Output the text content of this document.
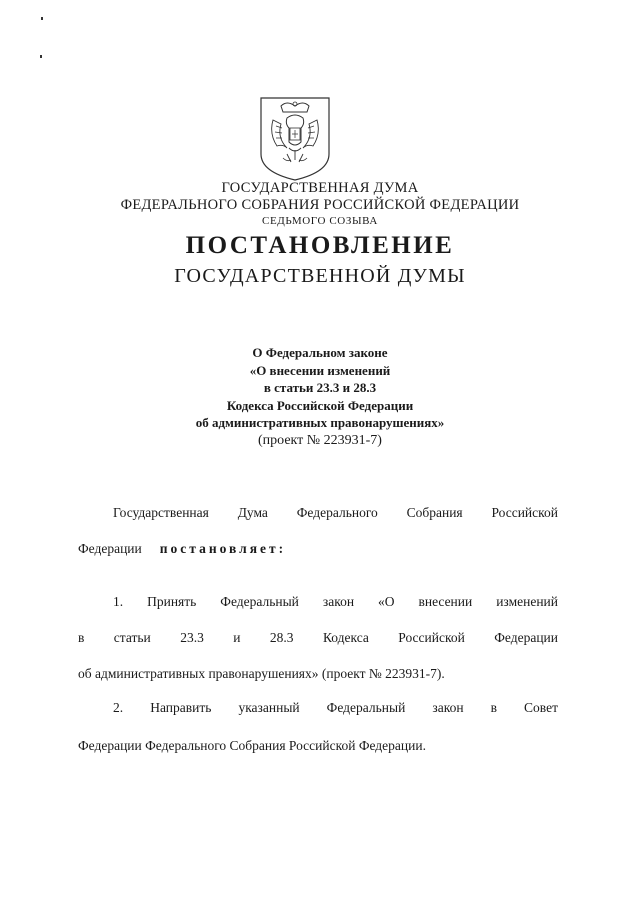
ГОСУДАРСТВЕННАЯ ДУМА
ФЕДЕРАЛЬНОГО СОБРАНИЯ РОССИЙСКОЙ ФЕДЕРАЦИИ
СЕДЬМОГО СОЗЫВА
ПОСТАНОВЛЕНИЕ
ГОСУДАРСТВЕННОЙ ДУМЫ
О Федеральном законе
«О внесении изменений
в статьи 23.3 и 28.3
Кодекса Российской Федерации
об административных правонарушениях»
(проект № 223931-7)
Государственная Дума Федерального Собрания Российской
Федерации постановляет:
1. Принять Федеральный закон «О внесении изменений
в статьи 23.3 и 28.3 Кодекса Российской Федерации
об административных правонарушениях» (проект № 223931-7).
2. Направить указанный Федеральный закон в Совет
Федерации Федерального Собрания Российской Федерации.
